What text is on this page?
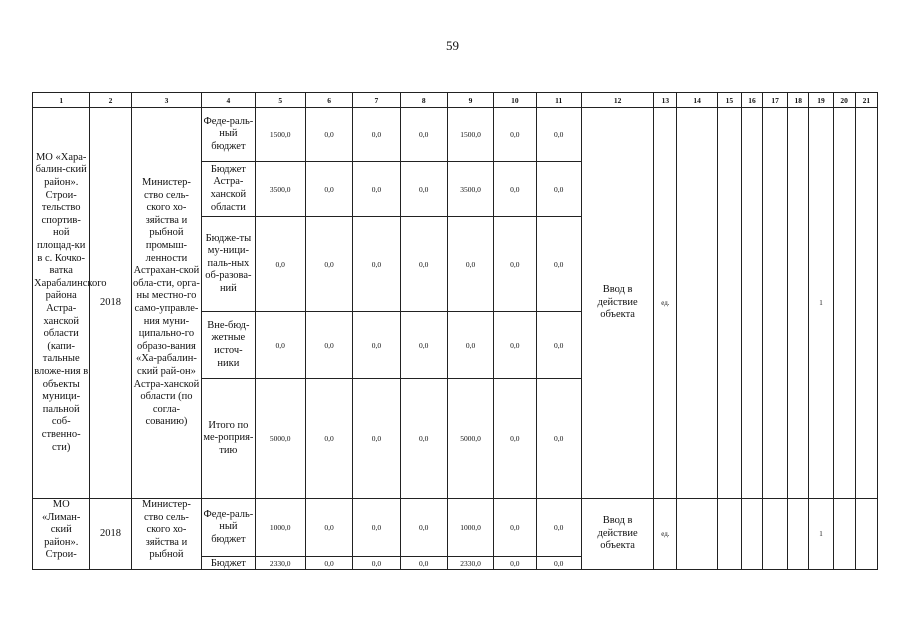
59
1	2	3	4	5	6	7	8	9	10	11	12	13	14	15	16	17	18	19	20	21
МО «Хара-балин-ский район». Строи-тельство спортив-ной площад-ки в с. Кочко-ватка Харабалинского района Астра-ханской области (капи-тальные вложе-ния в объекты муници-пальной соб-ственно-сти)	2018	Министер-ство сель-ского хо-зяйства и рыбной промыш-ленности Астрахан-ской обла-сти, орга-ны местно-го само-управле-ния муни-ципально-го образо-вания «Ха-рабалин-ский рай-он» Астра-ханской области (по согла-сованию)	Феде-раль-ный бюджет	1500,0	0,0	0,0	0,0	1500,0	0,0	0,0	Ввод в действие объекта	ед.						1		
			Бюджет Астра-ханской области	3500,0	0,0	0,0	0,0	3500,0	0,0	0,0										
			Бюдже-ты му-ници-паль-ных об-разова-ний	0,0	0,0	0,0	0,0	0,0	0,0	0,0										
			Вне-бюд-жетные источ-ники	0,0	0,0	0,0	0,0	0,0	0,0	0,0										
			Итого по ме-роприя-тию	5000,0	0,0	0,0	0,0	5000,0	0,0	0,0										
МО «Лиман-ский район». Строи-	2018	Министер-ство сель-ского хо-зяйства и рыбной	Феде-раль-ный бюджет	1000,0	0,0	0,0	0,0	1000,0	0,0	0,0	Ввод в действие объекта	ед.						1		
			Бюджет	2330,0	0,0	0,0	0,0	2330,0	0,0	0,0										
